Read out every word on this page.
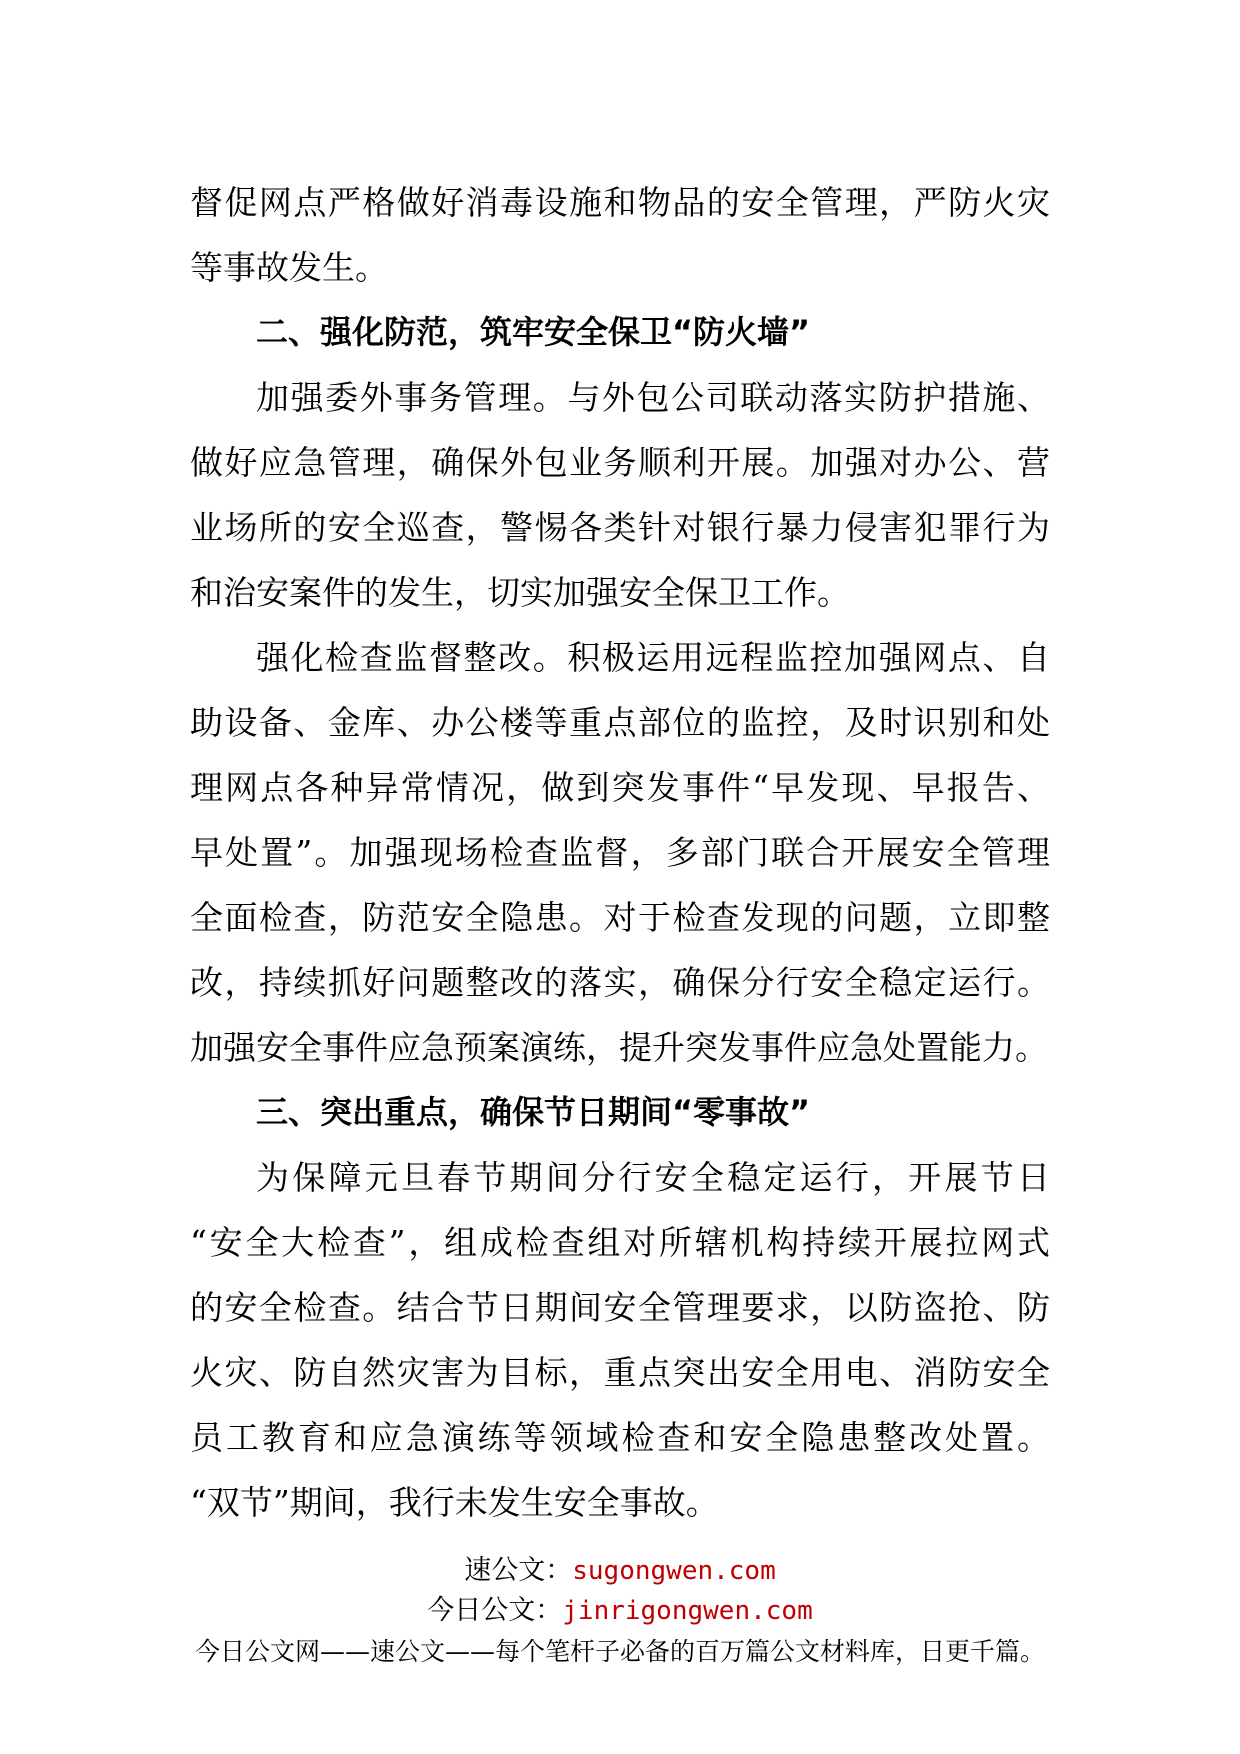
督促网点严格做好消毒设施和物品的安全管理，严防火灾
等事故发生。
二、强化防范，筑牢安全保卫“防火墙”
加强委外事务管理。与外包公司联动落实防护措施、
做好应急管理，确保外包业务顺利开展。加强对办公、营
业场所的安全巡查，警惕各类针对银行暴力侵害犯罪行为
和治安案件的发生，切实加强安全保卫工作。
强化检查监督整改。积极运用远程监控加强网点、自
助设备、金库、办公楼等重点部位的监控，及时识别和处
理网点各种异常情况，做到突发事件“早发现、早报告、
早处置”。加强现场检查监督，多部门联合开展安全管理
全面检查，防范安全隐患。对于检查发现的问题，立即整
改，持续抓好问题整改的落实，确保分行安全稳定运行。
加强安全事件应急预案演练，提升突发事件应急处置能力。
三、突出重点，确保节日期间“零事故”
为保障元旦春节期间分行安全稳定运行，开展节日
“安全大检查”，组成检查组对所辖机构持续开展拉网式
的安全检查。结合节日期间安全管理要求，以防盗抢、防
火灾、防自然灾害为目标，重点突出安全用电、消防安全
员工教育和应急演练等领域检查和安全隐患整改处置。
“双节”期间，我行未发生安全事故。
速公文：sugongwen.com
今日公文：jinrigongwen.com
今日公文网——速公文——每个笔杆子必备的百万篇公文材料库，日更千篇。
